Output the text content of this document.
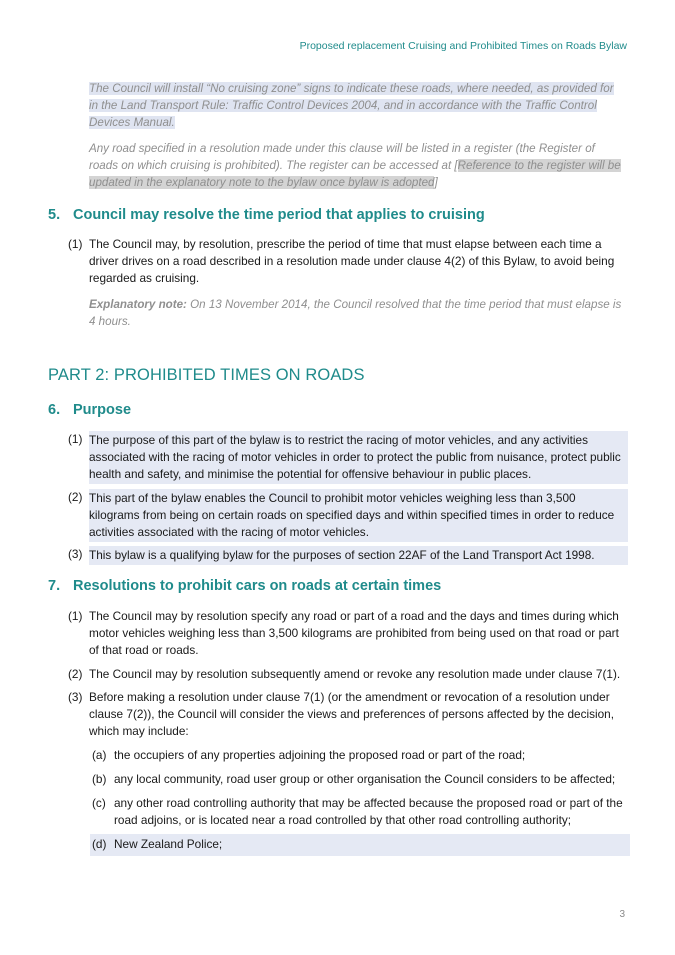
Proposed replacement Cruising and Prohibited Times on Roads Bylaw
The Council will install “No cruising zone” signs to indicate these roads, where needed, as provided for in the Land Transport Rule: Traffic Control Devices 2004, and in accordance with the Traffic Control Devices Manual.
Any road specified in a resolution made under this clause will be listed in a register (the Register of roads on which cruising is prohibited). The register can be accessed at [Reference to the register will be updated in the explanatory note to the bylaw once bylaw is adopted]
5. Council may resolve the time period that applies to cruising
(1) The Council may, by resolution, prescribe the period of time that must elapse between each time a driver drives on a road described in a resolution made under clause 4(2) of this Bylaw, to avoid being regarded as cruising.
Explanatory note: On 13 November 2014, the Council resolved that the time period that must elapse is 4 hours.
PART 2: PROHIBITED TIMES ON ROADS
6. Purpose
(1) The purpose of this part of the bylaw is to restrict the racing of motor vehicles, and any activities associated with the racing of motor vehicles in order to protect the public from nuisance, protect public health and safety, and minimise the potential for offensive behaviour in public places.
(2) This part of the bylaw enables the Council to prohibit motor vehicles weighing less than 3,500 kilograms from being on certain roads on specified days and within specified times in order to reduce activities associated with the racing of motor vehicles.
(3) This bylaw is a qualifying bylaw for the purposes of section 22AF of the Land Transport Act 1998.
7. Resolutions to prohibit cars on roads at certain times
(1) The Council may by resolution specify any road or part of a road and the days and times during which motor vehicles weighing less than 3,500 kilograms are prohibited from being used on that road or part of that road or roads.
(2) The Council may by resolution subsequently amend or revoke any resolution made under clause 7(1).
(3) Before making a resolution under clause 7(1) (or the amendment or revocation of a resolution under clause 7(2)), the Council will consider the views and preferences of persons affected by the decision, which may include:
(a) the occupiers of any properties adjoining the proposed road or part of the road;
(b) any local community, road user group or other organisation the Council considers to be affected;
(c) any other road controlling authority that may be affected because the proposed road or part of the road adjoins, or is located near a road controlled by that other road controlling authority;
(d) New Zealand Police;
3
